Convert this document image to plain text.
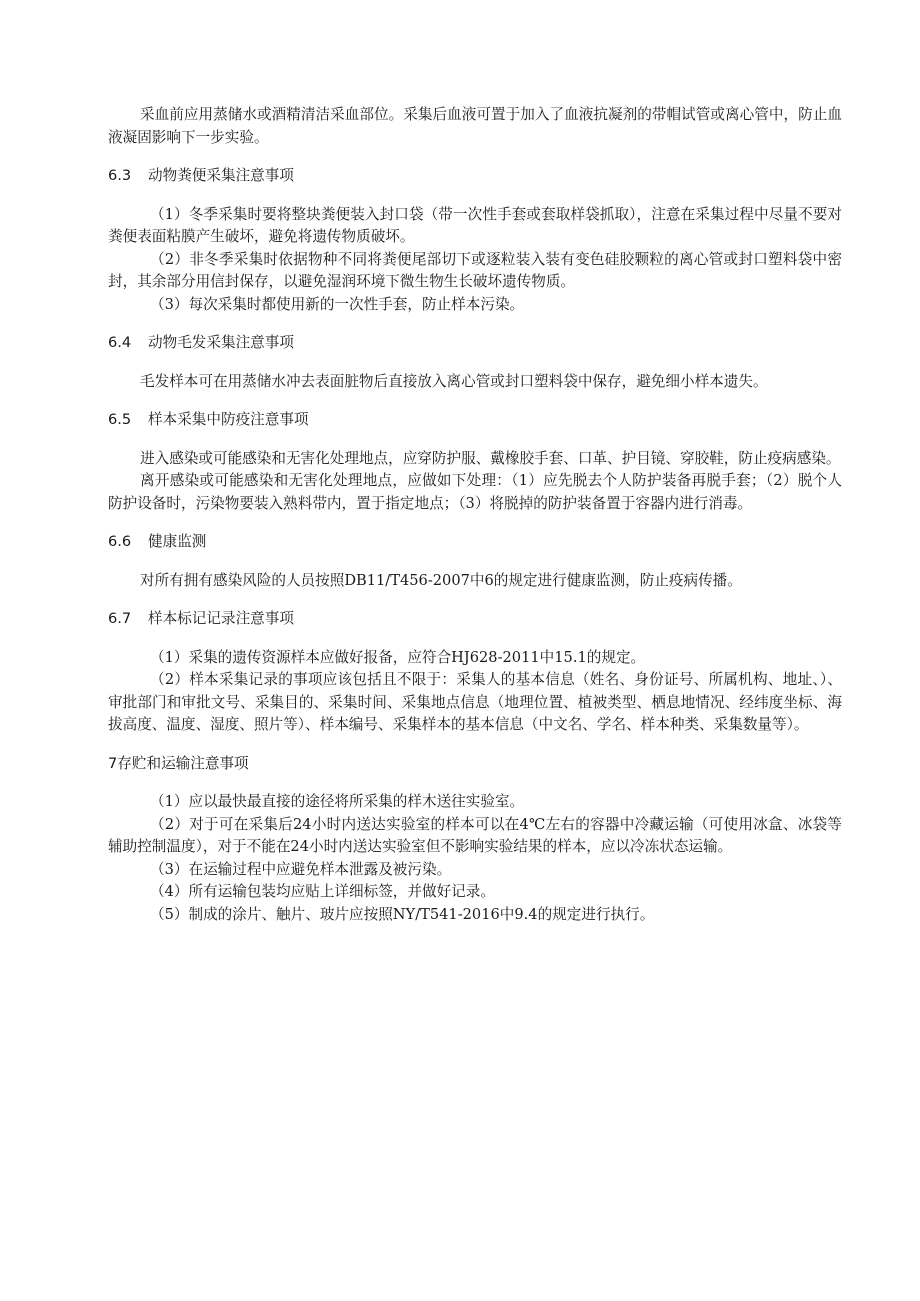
采血前应用蒸储水或酒精清洁采血部位。采集后血液可置于加入了血液抗凝剂的带帽试管或离心管中，防止血液凝固影响下一步实验。

6.3 动物粪便采集注意事项

（1）冬季采集时要将整块粪便装入封口袋（带一次性手套或套取样袋抓取），注意在采集过程中尽量不要对粪便表面粘膜产生破坏，避免将遗传物质破坏。

（2）非冬季采集时依据物种不同将粪便尾部切下或逐粒装入装有变色硅胶颗粒的离心管或封口塑料袋中密封，其余部分用信封保存，以避免湿润环境下微生物生长破坏遗传物质。

（3）每次采集时都使用新的一次性手套，防止样本污染。

6.4 动物毛发采集注意事项

毛发样本可在用蒸储水冲去表面脏物后直接放入离心管或封口塑料袋中保存，避免细小样本遗失。

6.5 样本采集中防疫注意事项

进入感染或可能感染和无害化处理地点，应穿防护服、戴橡胶手套、口革、护目镜、穿胶鞋，防止疫病感染。

离开感染或可能感染和无害化处理地点，应做如下处理：（1）应先脱去个人防护装备再脱手套；（2）脱个人防护设备时，污染物要装入熟料带内，置于指定地点；（3）将脱掉的防护装备置于容器内进行消毒。

6.6 健康监测

对所有拥有感染风险的人员按照DB11/T456-2007中6的规定进行健康监测，防止疫病传播。

6.7 样本标记记录注意事项

（1）采集的遗传资源样本应做好报备，应符合HJ628-2011中15.1的规定。

（2）样本采集记录的事项应该包括且不限于：采集人的基本信息（姓名、身份证号、所属机构、地址、）、审批部门和审批文号、采集目的、采集时间、采集地点信息（地理位置、植被类型、栖息地情况、经纬度坐标、海拔高度、温度、湿度、照片等）、样本编号、采集样本的基本信息（中文名、学名、样本种类、采集数量等）。

7存贮和运输注意事项

（1）应以最快最直接的途径将所采集的样木送往实验室。

（2）对于可在采集后24小时内送达实验室的样本可以在4℃左右的容器中冷藏运输（可使用冰盒、冰袋等辅助控制温度），对于不能在24小时内送达实验室但不影响实验结果的样本，应以冷冻状态运输。

（3）在运输过程中应避免样本泄露及被污染。

（4）所有运输包装均应贴上详细标签，并做好记录。

（5）制成的涂片、触片、玻片应按照NY/T541-2016中9.4的规定进行执行。
